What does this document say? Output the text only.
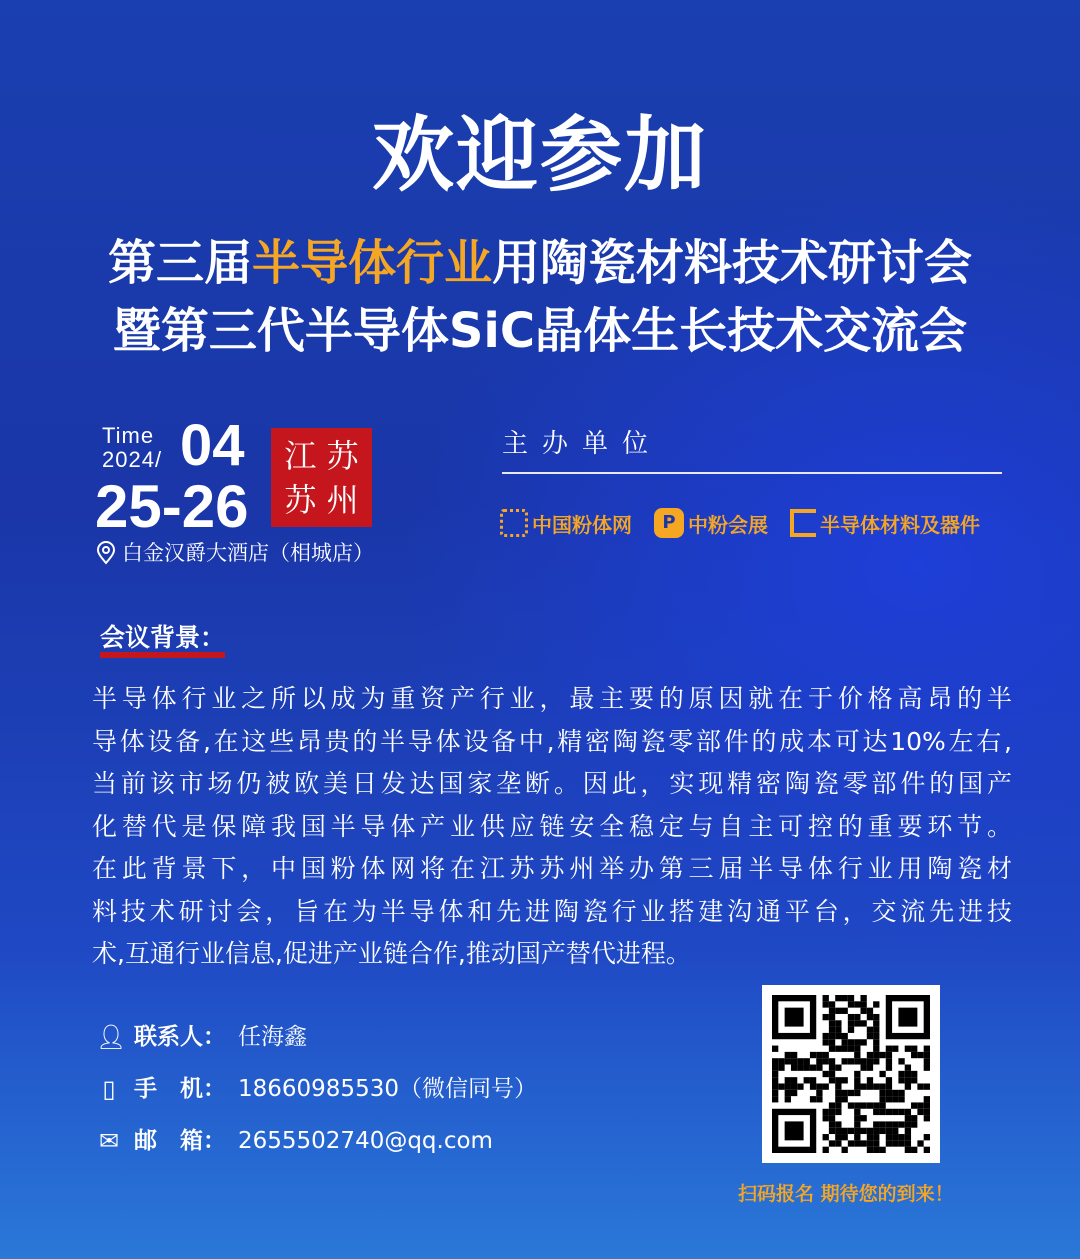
欢迎参加
第三届半导体行业用陶瓷材料技术研讨会
暨第三代半导体SiC晶体生长技术交流会
Time
2024/ 04
25-26
江 苏
苏 州
白金汉爵大酒店（相城店）
主办单位
中国粉体网	P 中粉会展	半导体材料及器件
会议背景：
半导体行业之所以成为重资产行业，最主要的原因就在于价格高昂的半
导体设备,在这些昂贵的半导体设备中,精密陶瓷零部件的成本可达10%左右,
当前该市场仍被欧美日发达国家垄断。因此，实现精密陶瓷零部件的国产
化替代是保障我国半导体产业供应链安全稳定与自主可控的重要环节。
在此背景下，中国粉体网将在江苏苏州举办第三届半导体行业用陶瓷材
料技术研讨会，旨在为半导体和先进陶瓷行业搭建沟通平台，交流先进技
术,互通行业信息,促进产业链合作,推动国产替代进程。
👤︎ 联系人： 任海鑫
▯ 手　机： 18660985530（微信同号）
✉ 邮　箱： 2655502740@qq.com
扫码报名 期待您的到来！
